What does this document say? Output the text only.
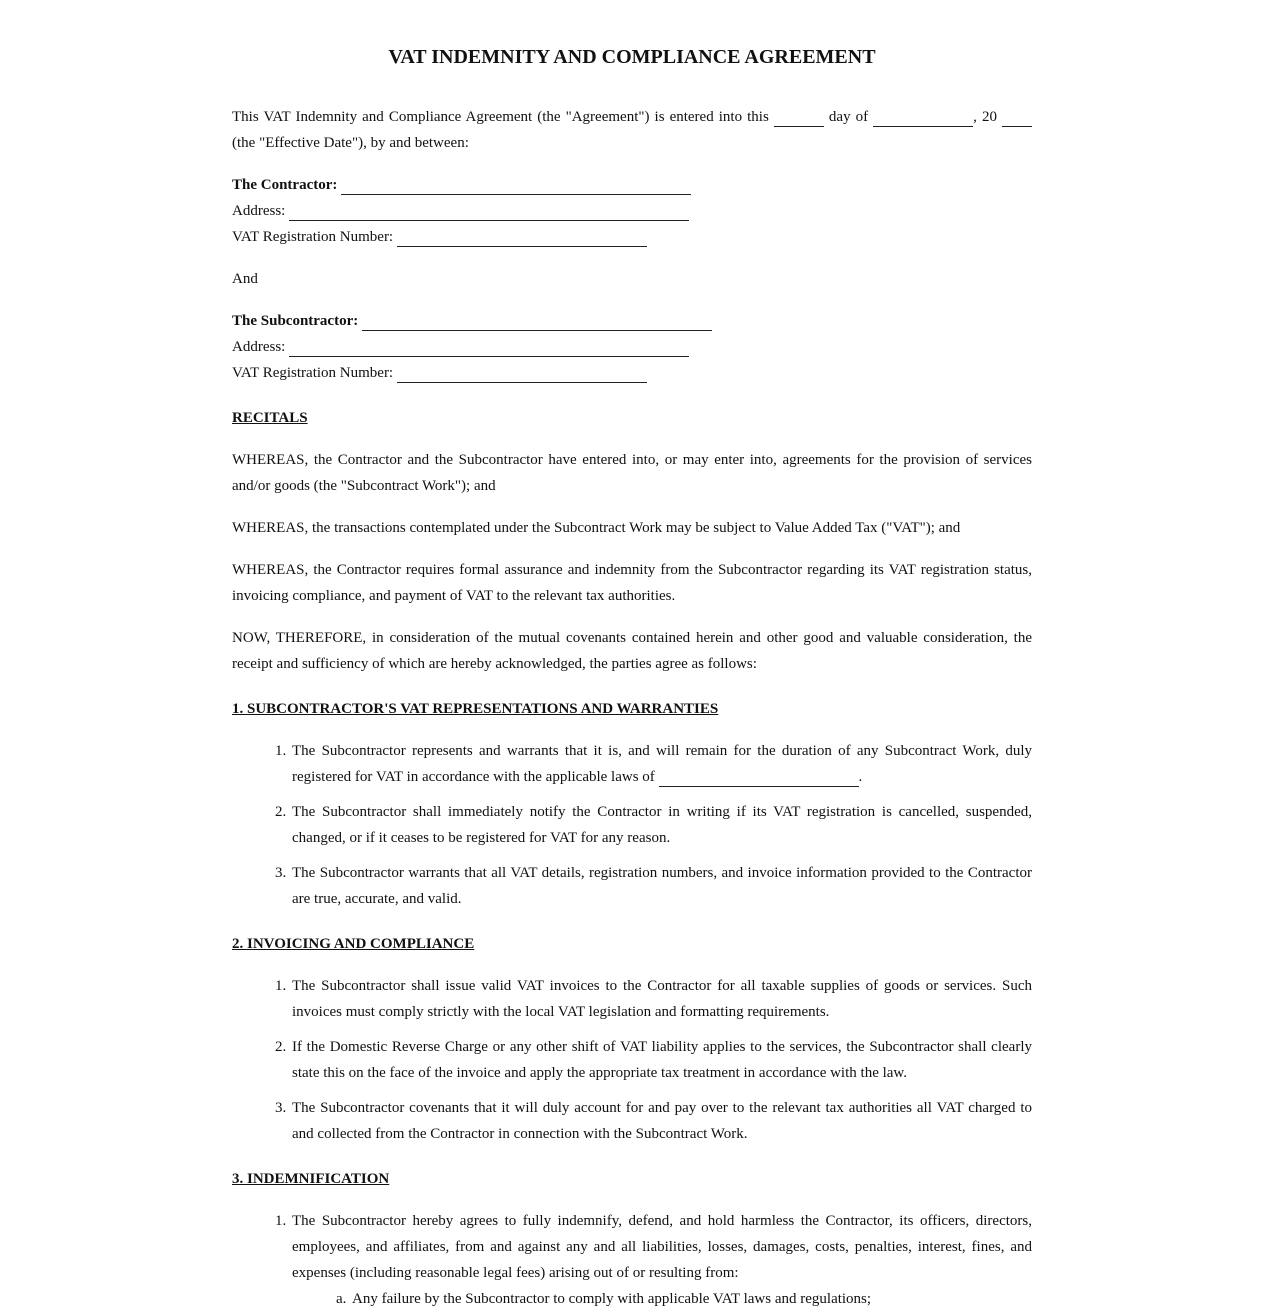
VAT INDEMNITY AND COMPLIANCE AGREEMENT

This VAT Indemnity and Compliance Agreement (the "Agreement") is entered into this	day of	, 20  (the "Effective Date"), by and between:

The Contractor:
Address:
VAT Registration Number:
And
The Subcontractor:
Address:
VAT Registration Number:
RECITALS

WHEREAS, the Contractor and the Subcontractor have entered into, or may enter into, agreements for the provision of services and/or goods (the "Subcontract Work"); and

WHEREAS, the transactions contemplated under the Subcontract Work may be subject to Value Added Tax ("VAT"); and

WHEREAS, the Contractor requires formal assurance and indemnity from the Subcontractor regarding its VAT registration status, invoicing compliance, and payment of VAT to the relevant tax authorities.

NOW, THEREFORE, in consideration of the mutual covenants contained herein and other good and valuable consideration, the receipt and sufficiency of which are hereby acknowledged, the parties agree as follows:

1. SUBCONTRACTOR'S VAT REPRESENTATIONS AND WARRANTIES
1. The Subcontractor represents and warrants that it is, and will remain for the duration of any Subcontract Work, duly registered for VAT in accordance with the applicable laws of	.
2. The Subcontractor shall immediately notify the Contractor in writing if its VAT registration is cancelled, suspended, changed, or if it ceases to be registered for VAT for any reason.
3. The Subcontractor warrants that all VAT details, registration numbers, and invoice information provided to the Contractor are true, accurate, and valid.
2. INVOICING AND COMPLIANCE
1. The Subcontractor shall issue valid VAT invoices to the Contractor for all taxable supplies of goods or services. Such invoices must comply strictly with the local VAT legislation and formatting requirements.
2. If the Domestic Reverse Charge or any other shift of VAT liability applies to the services, the Subcontractor shall clearly state this on the face of the invoice and apply the appropriate tax treatment in accordance with the law.
3. The Subcontractor covenants that it will duly account for and pay over to the relevant tax authorities all VAT charged to and collected from the Contractor in connection with the Subcontract Work.
3. INDEMNIFICATION
1. The Subcontractor hereby agrees to fully indemnify, defend, and hold harmless the Contractor, its officers, directors, employees, and affiliates, from and against any and all liabilities, losses, damages, costs, penalties, interest, fines, and expenses (including reasonable legal fees) arising out of or resulting from:
a. Any failure by the Subcontractor to comply with applicable VAT laws and regulations;
